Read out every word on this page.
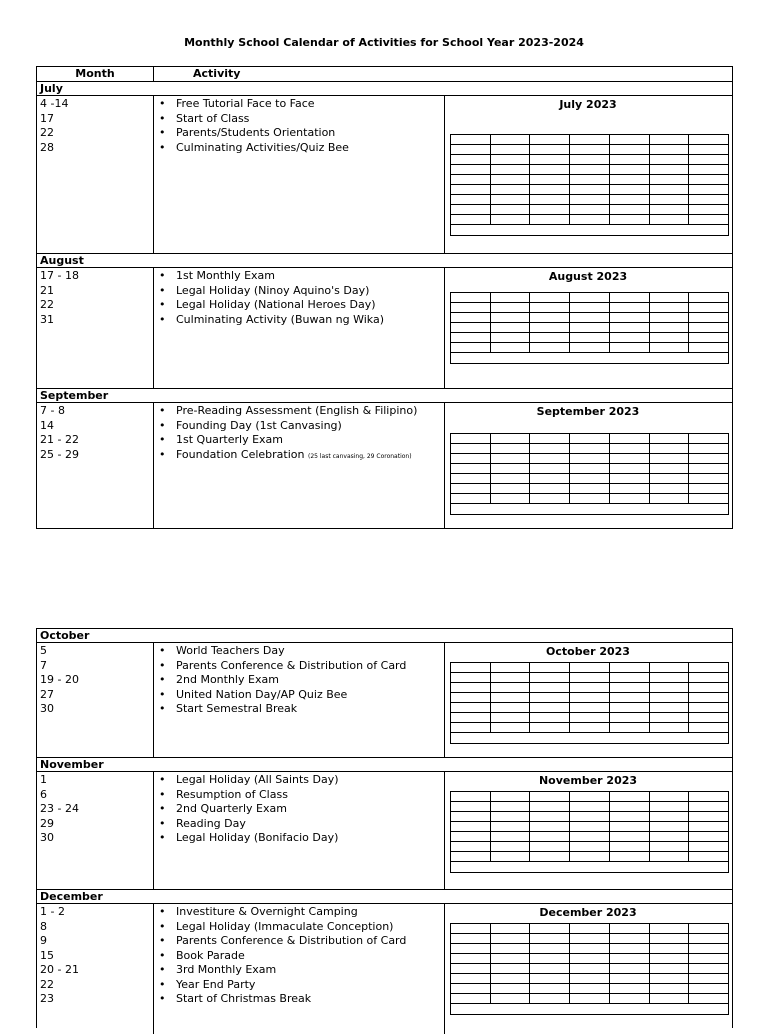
Monthly School Calendar of Activities for School Year 2023-2024
Month	Activity
July
4 -14
17
22
28
• Free Tutorial Face to Face
• Start of Class
• Parents/Students Orientation
• Culminating Activities/Quiz Bee
July 2023
August
17 - 18
21
22
31
• 1st Monthly Exam
• Legal Holiday (Ninoy Aquino's Day)
• Legal Holiday (National Heroes Day)
• Culminating Activity (Buwan ng Wika)
August 2023
September
7 - 8
14
21 - 22
25 - 29
• Pre-Reading Assessment (English & Filipino)
• Founding Day (1st Canvasing)
• 1st Quarterly Exam
• Foundation Celebration (25 last canvasing, 29 Coronation)
September 2023
October
5
7
19 - 20
27
30
• World Teachers Day
• Parents Conference & Distribution of Card
• 2nd Monthly Exam
• United Nation Day/AP Quiz Bee
• Start Semestral Break
October 2023
November
1
6
23 - 24
29
30
• Legal Holiday (All Saints Day)
• Resumption of Class
• 2nd Quarterly Exam
• Reading Day
• Legal Holiday (Bonifacio Day)
November 2023
December
1 - 2
8
9
15
20 - 21
22
23
• Investiture & Overnight Camping
• Legal Holiday (Immaculate Conception)
• Parents Conference & Distribution of Card
• Book Parade
• 3rd Monthly Exam
• Year End Party
• Start of Christmas Break
December 2023
